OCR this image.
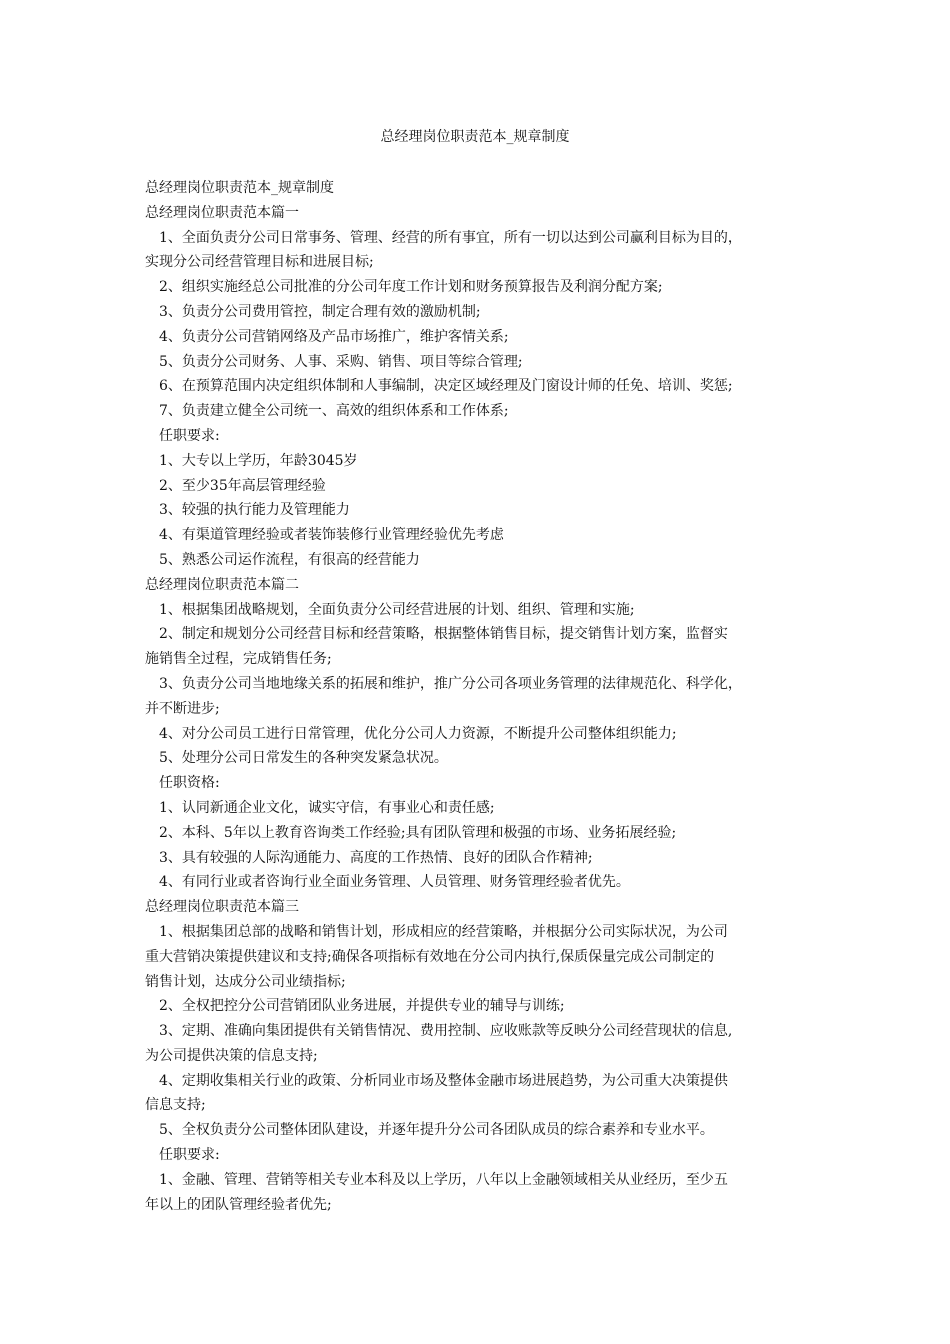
总经理岗位职责范本_规章制度
总经理岗位职责范本_规章制度
总经理岗位职责范本篇一
1、全面负责分公司日常事务、管理、经营的所有事宜，所有一切以达到公司赢利目标为目的，
实现分公司经营管理目标和进展目标;
2、组织实施经总公司批准的分公司年度工作计划和财务预算报告及利润分配方案;
3、负责分公司费用管控，制定合理有效的激励机制;
4、负责分公司营销网络及产品市场推广，维护客情关系;
5、负责分公司财务、人事、采购、销售、项目等综合管理;
6、在预算范围内决定组织体制和人事编制，决定区域经理及门窗设计师的任免、培训、奖惩;
7、负责建立健全公司统一、高效的组织体系和工作体系;
任职要求:
1、大专以上学历，年龄3045岁
2、至少35年高层管理经验
3、较强的执行能力及管理能力
4、有渠道管理经验或者装饰装修行业管理经验优先考虑
5、熟悉公司运作流程，有很高的经营能力
总经理岗位职责范本篇二
1、根据集团战略规划，全面负责分公司经营进展的计划、组织、管理和实施;
2、制定和规划分公司经营目标和经营策略，根据整体销售目标，提交销售计划方案，监督实
施销售全过程，完成销售任务;
3、负责分公司当地地缘关系的拓展和维护，推广分公司各项业务管理的法律规范化、科学化，
并不断进步;
4、对分公司员工进行日常管理，优化分公司人力资源，不断提升公司整体组织能力;
5、处理分公司日常发生的各种突发紧急状况。
任职资格:
1、认同新通企业文化，诚实守信，有事业心和责任感;
2、本科、5年以上教育咨询类工作经验;具有团队管理和极强的市场、业务拓展经验;
3、具有较强的人际沟通能力、高度的工作热情、良好的团队合作精神;
4、有同行业或者咨询行业全面业务管理、人员管理、财务管理经验者优先。
总经理岗位职责范本篇三
1、根据集团总部的战略和销售计划，形成相应的经营策略，并根据分公司实际状况，为公司
重大营销决策提供建议和支持;确保各项指标有效地在分公司内执行,保质保量完成公司制定的
销售计划，达成分公司业绩指标;
2、全权把控分公司营销团队业务进展，并提供专业的辅导与训练;
3、定期、准确向集团提供有关销售情况、费用控制、应收账款等反映分公司经营现状的信息,
为公司提供决策的信息支持;
4、定期收集相关行业的政策、分析同业市场及整体金融市场进展趋势，为公司重大决策提供
信息支持;
5、全权负责分公司整体团队建设，并逐年提升分公司各团队成员的综合素养和专业水平。
任职要求:
1、金融、管理、营销等相关专业本科及以上学历，八年以上金融领域相关从业经历，至少五
年以上的团队管理经验者优先;
